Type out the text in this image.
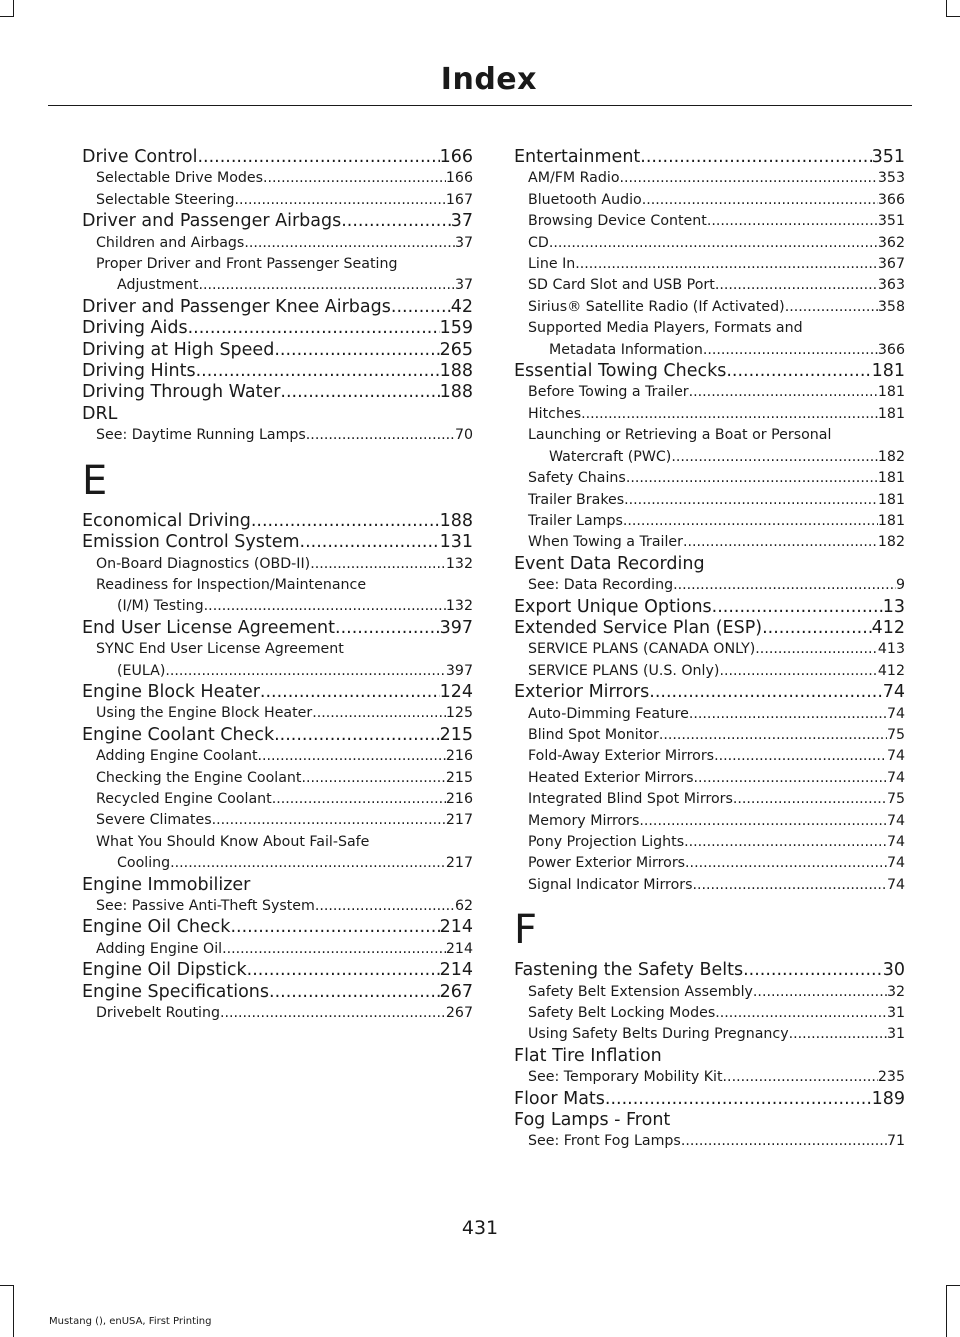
Index
Drive Control .....	166
Selectable Drive Modes .....	166
Selectable Steering .....	167
Driver and Passenger Airbags .....	37
Children and Airbags .....	37
Proper Driver and Front Passenger Seating
Adjustment .....	37
Driver and Passenger Knee Airbags .....	42
Driving Aids .....	159
Driving at High Speed .....	265
Driving Hints .....	188
Driving Through Water .....	188
DRL
See: Daytime Running Lamps .....	70
E
Economical Driving .....	188
Emission Control System .....	131
On-Board Diagnostics (OBD-II) .....	132
Readiness for Inspection/Maintenance
(I/M) Testing .....	132
End User License Agreement .....	397
SYNC End User License Agreement
(EULA) .....	397
Engine Block Heater .....	124
Using the Engine Block Heater .....	125
Engine Coolant Check .....	215
Adding Engine Coolant .....	216
Checking the Engine Coolant .....	215
Recycled Engine Coolant .....	216
Severe Climates .....	217
What You Should Know About Fail-Safe
Cooling .....	217
Engine Immobilizer
See: Passive Anti-Theft System .....	62
Engine Oil Check .....	214
Adding Engine Oil .....	214
Engine Oil Dipstick .....	214
Engine Specifications .....	267
Drivebelt Routing .....	267
Entertainment .....	351
AM/FM Radio .....	353
Bluetooth Audio .....	366
Browsing Device Content .....	351
CD .....	362
Line In .....	367
SD Card Slot and USB Port .....	363
Sirius® Satellite Radio (If Activated) .....	358
Supported Media Players, Formats and
Metadata Information .....	366
Essential Towing Checks .....	181
Before Towing a Trailer .....	181
Hitches .....	181
Launching or Retrieving a Boat or Personal
Watercraft (PWC) .....	182
Safety Chains .....	181
Trailer Brakes .....	181
Trailer Lamps .....	181
When Towing a Trailer .....	182
Event Data Recording
See: Data Recording .....	9
Export Unique Options .....	13
Extended Service Plan (ESP) .....	412
SERVICE PLANS (CANADA ONLY) .....	413
SERVICE PLANS (U.S. Only) .....	412
Exterior Mirrors .....	74
Auto-Dimming Feature .....	74
Blind Spot Monitor .....	75
Fold-Away Exterior Mirrors .....	74
Heated Exterior Mirrors .....	74
Integrated Blind Spot Mirrors .....	75
Memory Mirrors .....	74
Pony Projection Lights .....	74
Power Exterior Mirrors .....	74
Signal Indicator Mirrors .....	74
F
Fastening the Safety Belts .....	30
Safety Belt Extension Assembly .....	32
Safety Belt Locking Modes .....	31
Using Safety Belts During Pregnancy .....	31
Flat Tire Inflation
See: Temporary Mobility Kit .....	235
Floor Mats .....	189
Fog Lamps - Front
See: Front Fog Lamps .....	71
431
Mustang (), enUSA, First Printing
